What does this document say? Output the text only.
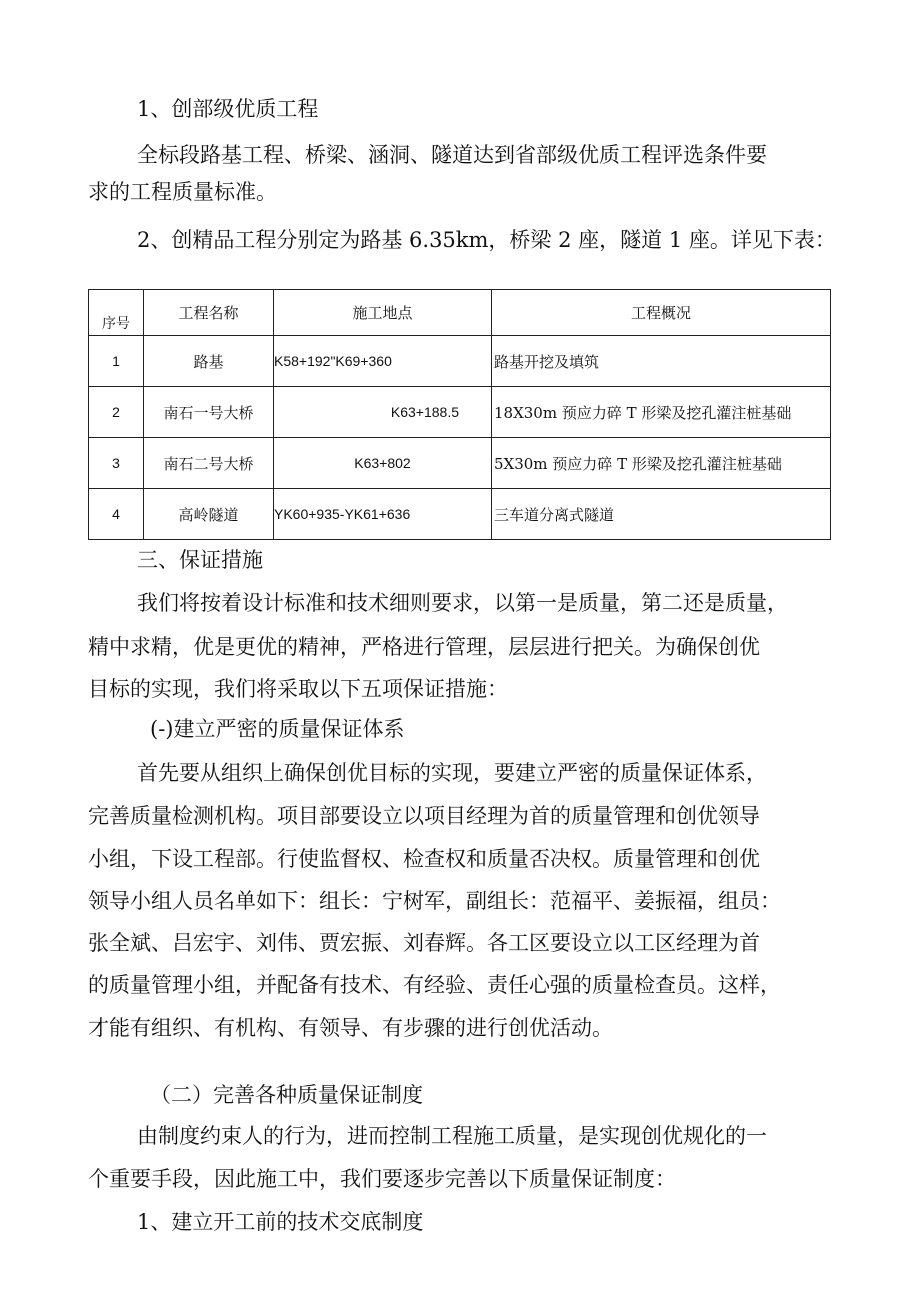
1、创部级优质工程
全标段路基工程、桥梁、涵洞、隧道达到省部级优质工程评选条件要
求的工程质量标准。
2、创精品工程分别定为路基 6.35km，桥梁 2 座，隧道 1 座。详见下表：
序号	工程名称	施工地点	工程概况
1	路基	K58+192"K69+360	路基开挖及填筑
2	南石一号大桥	K63+188.5	18X30m 预应力碎 T 形梁及挖孔灌注桩基础
3	南石二号大桥	K63+802	5X30m 预应力碎 T 形梁及挖孔灌注桩基础
4	高岭隧道	YK60+935-YK61+636	三车道分离式隧道
三、保证措施
我们将按着设计标准和技术细则要求，以第一是质量，第二还是质量，
精中求精，优是更优的精神，严格进行管理，层层进行把关。为确保创优
目标的实现，我们将采取以下五项保证措施：
(-)建立严密的质量保证体系
首先要从组织上确保创优目标的实现，要建立严密的质量保证体系，
完善质量检测机构。项目部要设立以项目经理为首的质量管理和创优领导
小组，下设工程部。行使监督权、检查权和质量否决权。质量管理和创优
领导小组人员名单如下：组长：宁树军，副组长：范福平、姜振福，组员：
张全斌、吕宏宇、刘伟、贾宏振、刘春辉。各工区要设立以工区经理为首
的质量管理小组，并配备有技术、有经验、责任心强的质量检查员。这样，
才能有组织、有机构、有领导、有步骤的进行创优活动。
（二）完善各种质量保证制度
由制度约束人的行为，进而控制工程施工质量，是实现创优规化的一
个重要手段，因此施工中，我们要逐步完善以下质量保证制度：
1、建立开工前的技术交底制度
